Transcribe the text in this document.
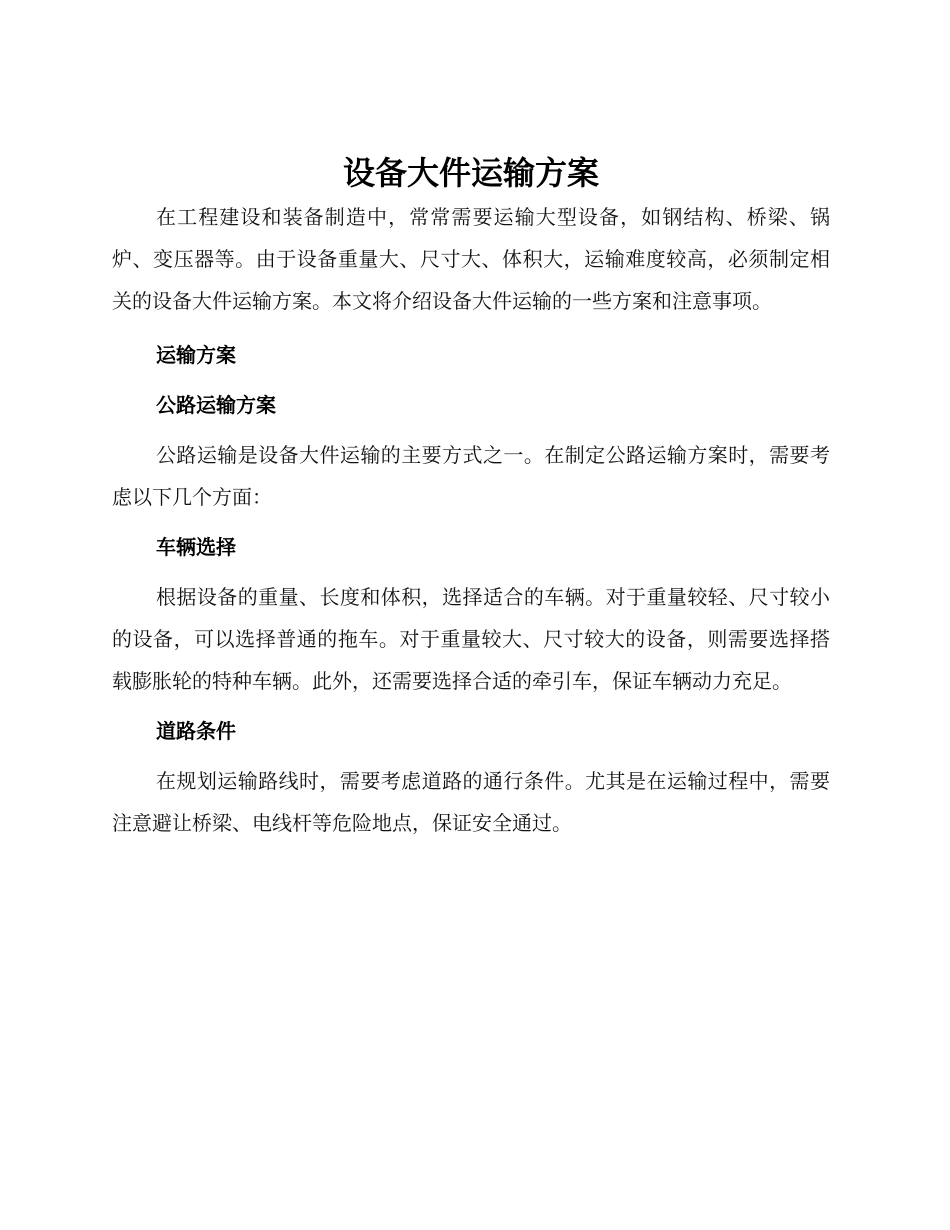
设备大件运输方案

在工程建设和装备制造中，常常需要运输大型设备，如钢结构、桥梁、锅炉、变压器等。由于设备重量大、尺寸大、体积大，运输难度较高，必须制定相关的设备大件运输方案。本文将介绍设备大件运输的一些方案和注意事项。

运输方案
公路运输方案

公路运输是设备大件运输的主要方式之一。在制定公路运输方案时，需要考虑以下几个方面：

车辆选择

根据设备的重量、长度和体积，选择适合的车辆。对于重量较轻、尺寸较小的设备，可以选择普通的拖车。对于重量较大、尺寸较大的设备，则需要选择搭载膨胀轮的特种车辆。此外，还需要选择合适的牵引车，保证车辆动力充足。

道路条件

在规划运输路线时，需要考虑道路的通行条件。尤其是在运输过程中，需要注意避让桥梁、电线杆等危险地点，保证安全通过。
